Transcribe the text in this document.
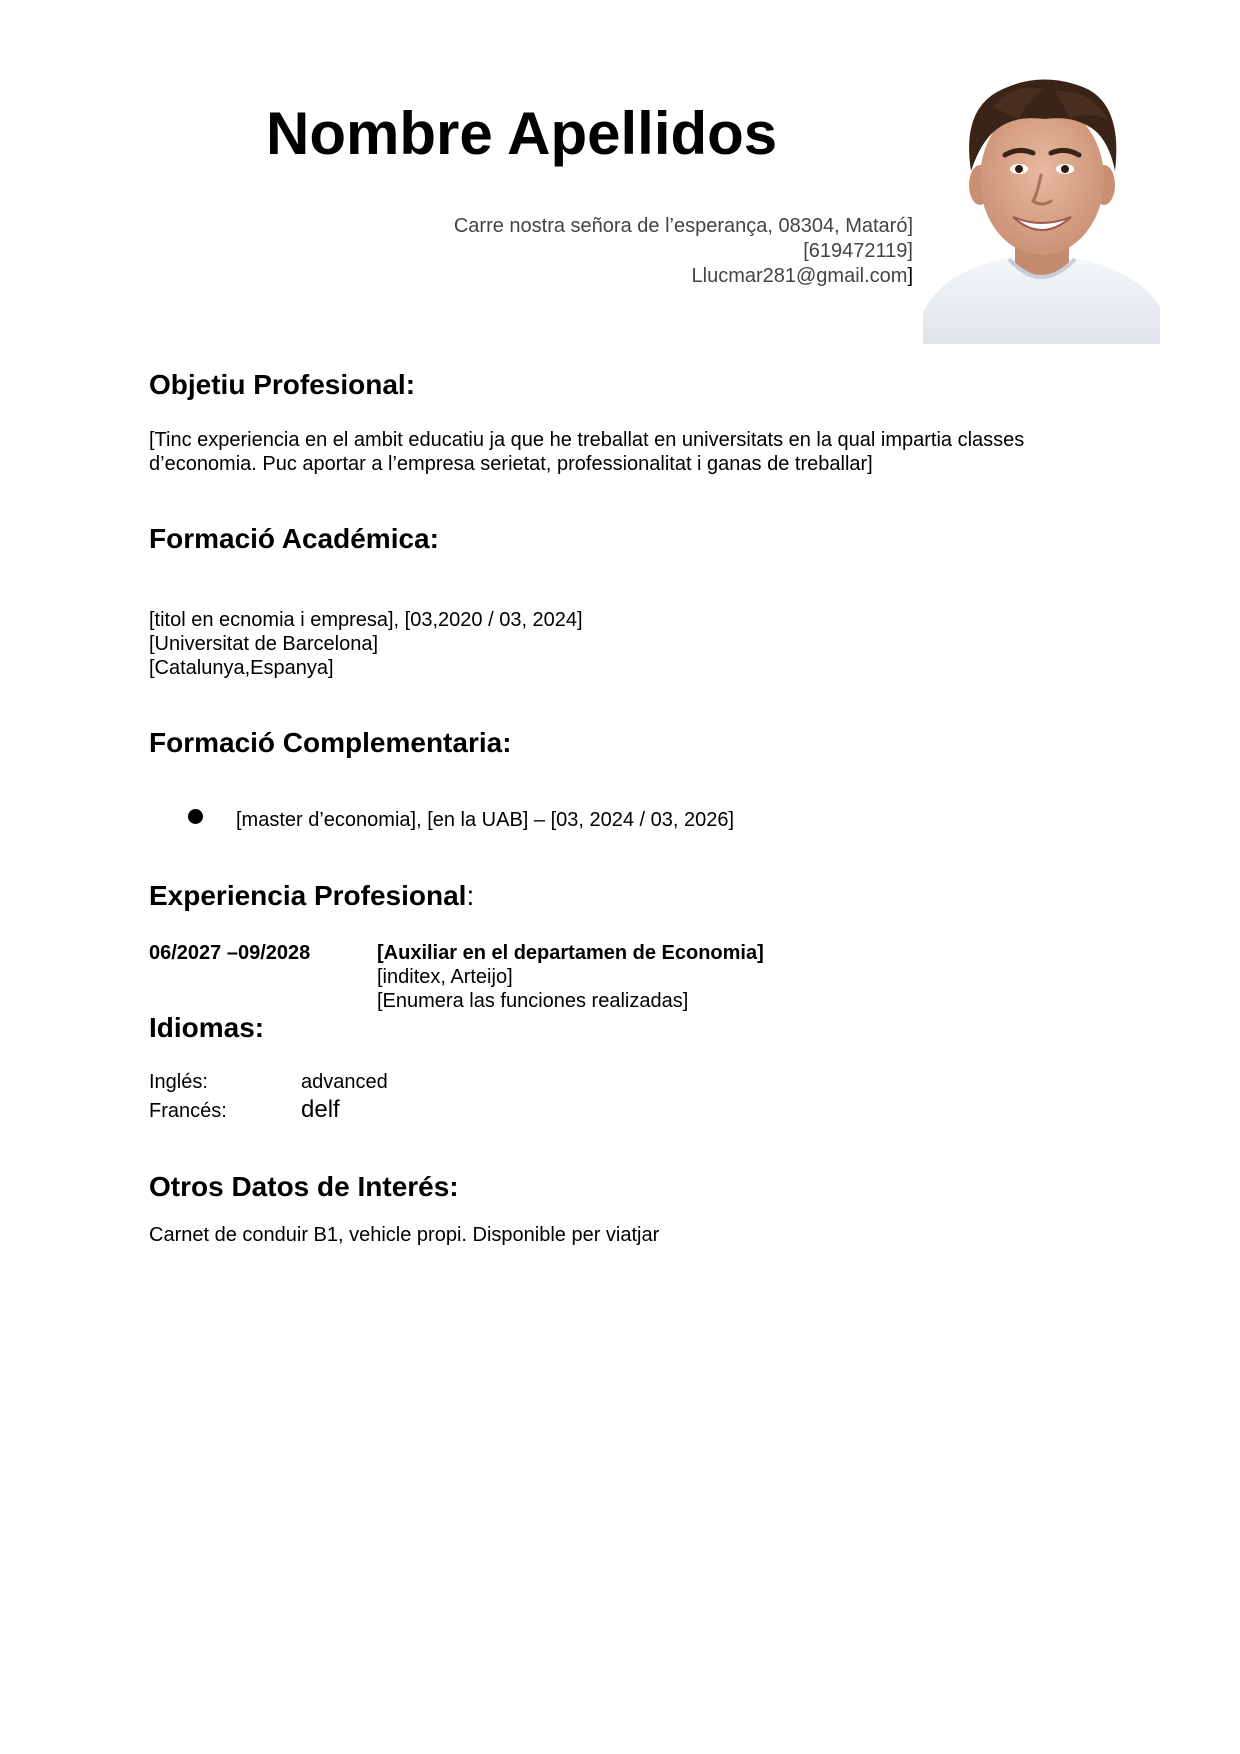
Nombre Apellidos
Carre nostra señora de l’esperança, 08304, Mataró]
[619472119]
Llucmar281@gmail.com]
Objetiu Profesional:
[Tinc experiencia en el ambit educatiu ja que he treballat en universitats en la qual impartia classes d’economia. Puc aportar a l’empresa serietat, professionalitat i ganas de treballar]
Formació Académica:
[titol en ecnomia i empresa], [03,2020 / 03, 2024]
[Universitat de Barcelona]
[Catalunya,Espanya]
Formació Complementaria:
[master d’economia], [en la UAB] – [03, 2024 / 03, 2026]
Experiencia Profesional:
06/2027 –09/2028	[Auxiliar en el departamen de Economia]
[inditex, Arteijo]
[Enumera las funciones realizadas]
Idiomas:
Inglés:	advanced
Francés:	delf
Otros Datos de Interés:
Carnet de conduir B1, vehicle propi. Disponible per viatjar
